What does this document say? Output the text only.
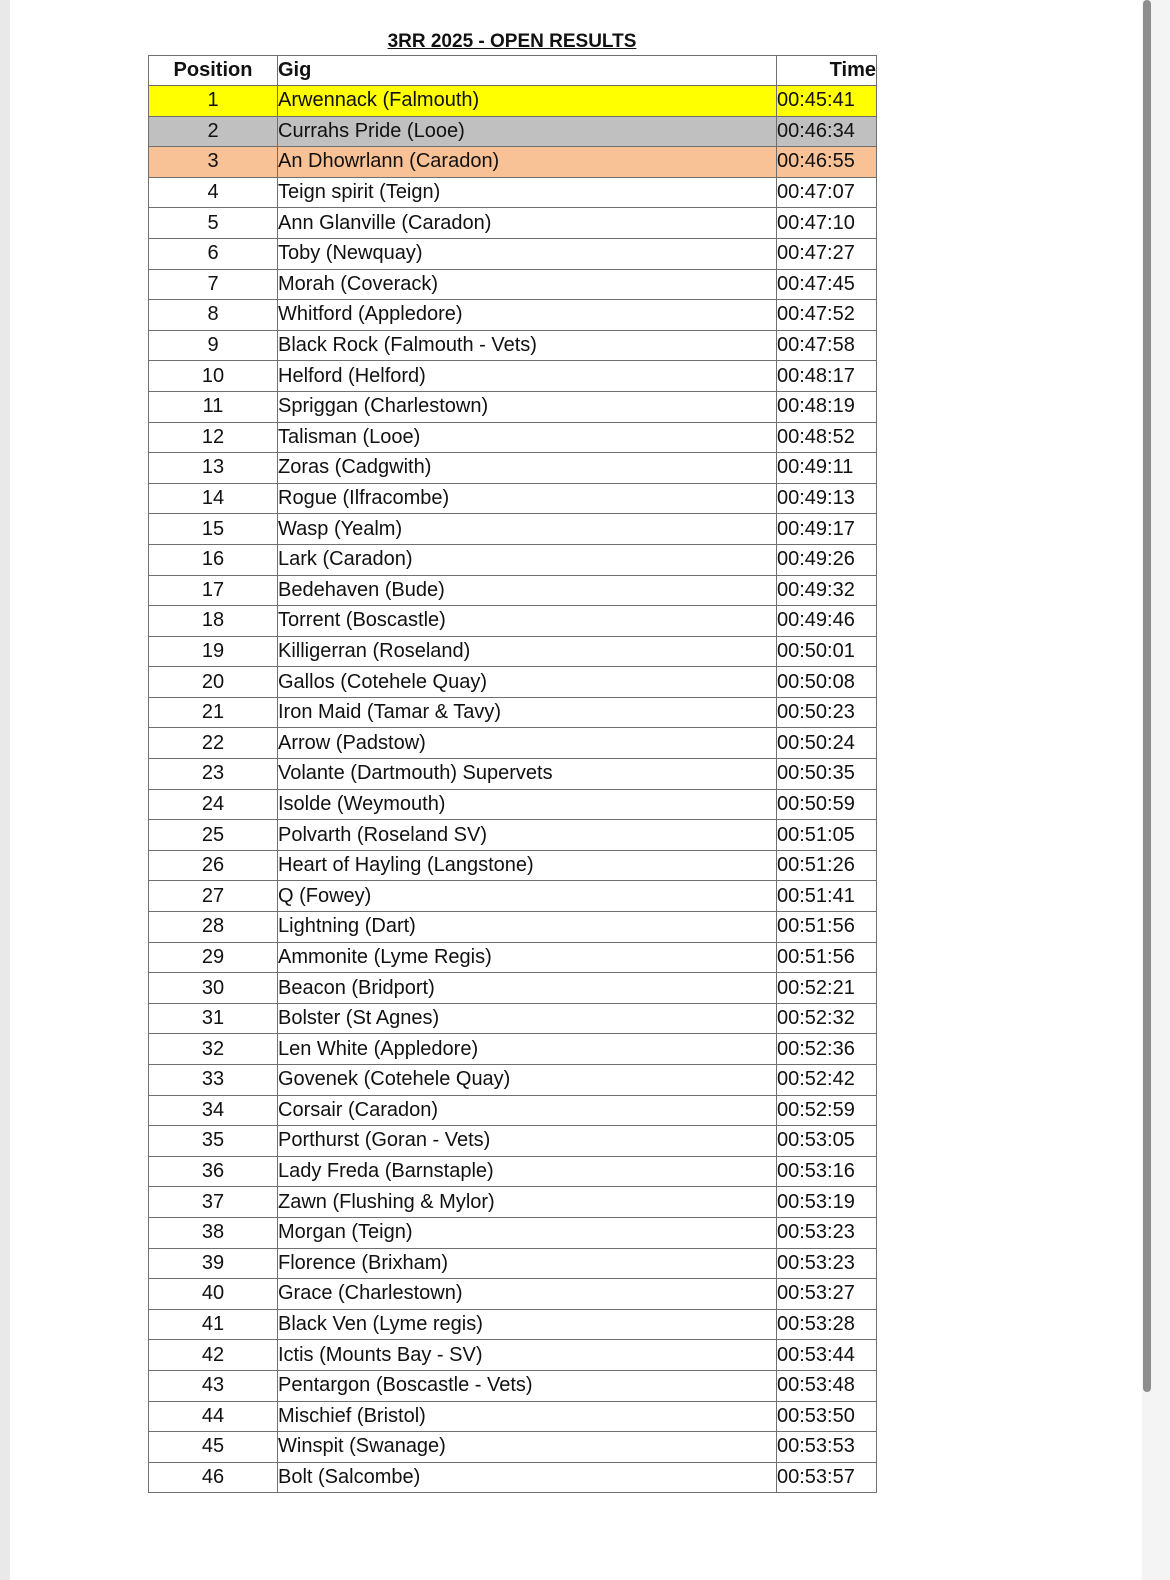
3RR 2025 - OPEN RESULTS
Position	Gig	Time
1	Arwennack (Falmouth)	00:45:41
2	Currahs Pride (Looe)	00:46:34
3	An Dhowrlann (Caradon)	00:46:55
4	Teign spirit (Teign)	00:47:07
5	Ann Glanville (Caradon)	00:47:10
6	Toby (Newquay)	00:47:27
7	Morah (Coverack)	00:47:45
8	Whitford (Appledore)	00:47:52
9	Black Rock (Falmouth - Vets)	00:47:58
10	Helford (Helford)	00:48:17
11	Spriggan (Charlestown)	00:48:19
12	Talisman (Looe)	00:48:52
13	Zoras (Cadgwith)	00:49:11
14	Rogue (Ilfracombe)	00:49:13
15	Wasp (Yealm)	00:49:17
16	Lark (Caradon)	00:49:26
17	Bedehaven (Bude)	00:49:32
18	Torrent (Boscastle)	00:49:46
19	Killigerran (Roseland)	00:50:01
20	Gallos (Cotehele Quay)	00:50:08
21	Iron Maid (Tamar & Tavy)	00:50:23
22	Arrow (Padstow)	00:50:24
23	Volante (Dartmouth) Supervets	00:50:35
24	Isolde (Weymouth)	00:50:59
25	Polvarth (Roseland SV)	00:51:05
26	Heart of Hayling (Langstone)	00:51:26
27	Q (Fowey)	00:51:41
28	Lightning (Dart)	00:51:56
29	Ammonite (Lyme Regis)	00:51:56
30	Beacon (Bridport)	00:52:21
31	Bolster (St Agnes)	00:52:32
32	Len White (Appledore)	00:52:36
33	Govenek (Cotehele Quay)	00:52:42
34	Corsair (Caradon)	00:52:59
35	Porthurst (Goran - Vets)	00:53:05
36	Lady Freda (Barnstaple)	00:53:16
37	Zawn (Flushing & Mylor)	00:53:19
38	Morgan (Teign)	00:53:23
39	Florence (Brixham)	00:53:23
40	Grace (Charlestown)	00:53:27
41	Black Ven (Lyme regis)	00:53:28
42	Ictis (Mounts Bay - SV)	00:53:44
43	Pentargon (Boscastle - Vets)	00:53:48
44	Mischief (Bristol)	00:53:50
45	Winspit (Swanage)	00:53:53
46	Bolt (Salcombe)	00:53:57
